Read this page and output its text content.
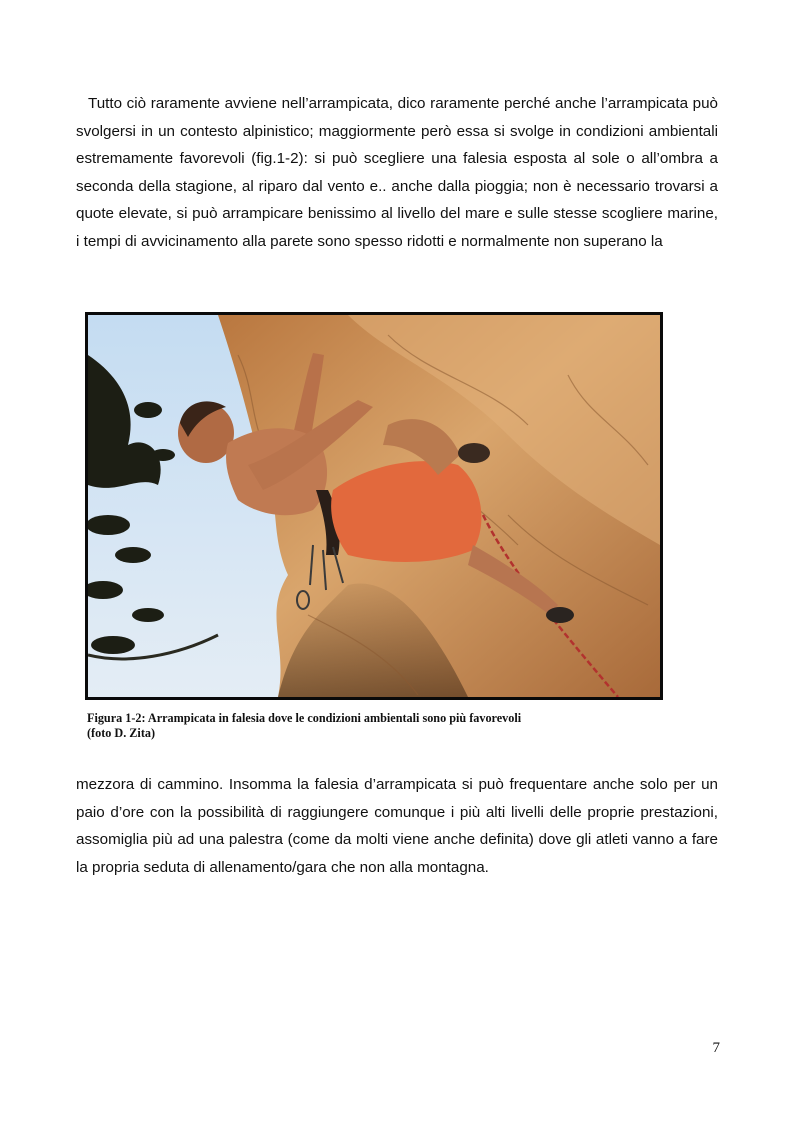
Tutto ciò raramente avviene nell’arrampicata, dico raramente perché anche l’arrampicata può svolgersi in un contesto alpinistico; maggiormente però essa si svolge in condizioni ambientali estremamente favorevoli (fig.1-2): si può scegliere una falesia esposta al sole o all’ombra a seconda della stagione, al riparo dal vento e.. anche dalla pioggia; non è necessario trovarsi a quote elevate, si può arrampicare benissimo al livello del mare e sulle stesse scogliere marine, i tempi di avvicinamento alla parete sono spesso ridotti e normalmente non superano la

Figura 1-2: Arrampicata in falesia dove le condizioni ambientali sono più favorevoli
(foto D. Zita)

mezzora di cammino. Insomma la falesia d’arrampicata si può frequentare anche solo per un paio d’ore con la possibilità di raggiungere comunque i più alti livelli delle proprie prestazioni, assomiglia più ad una palestra (come da molti viene anche definita) dove gli atleti vanno a fare la propria seduta di allenamento/gara che non alla montagna.

7
